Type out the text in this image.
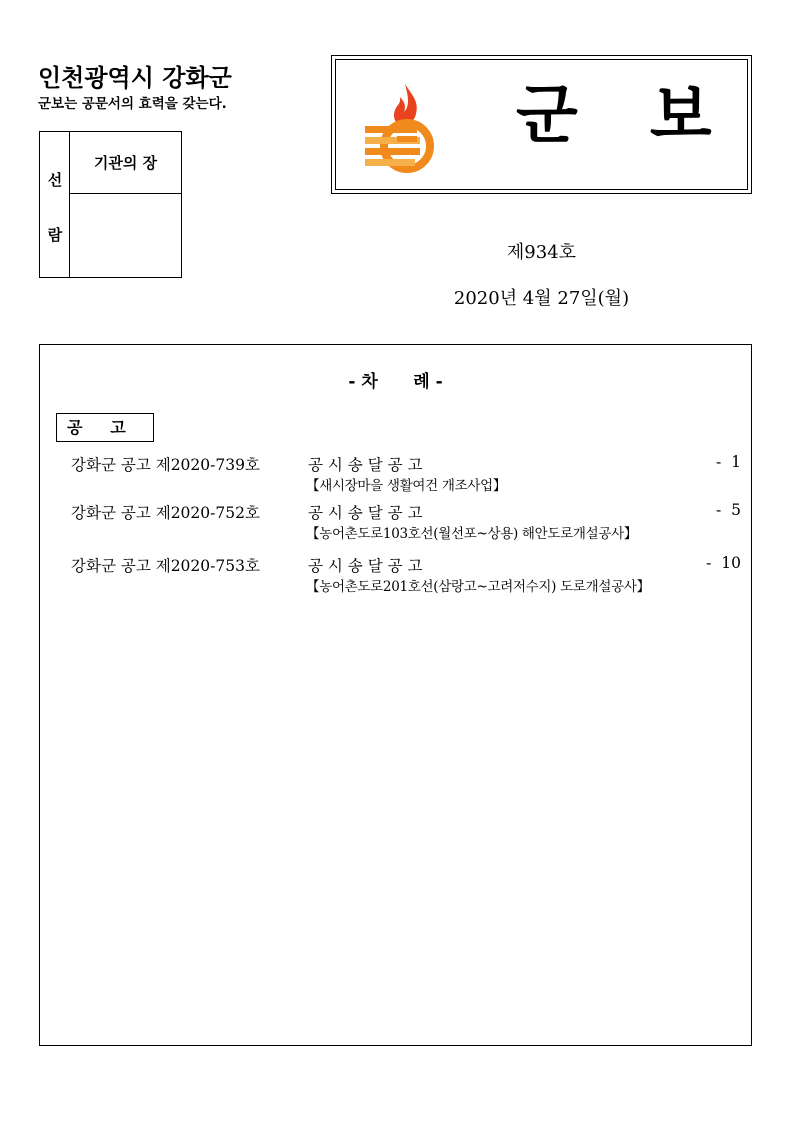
인천광역시 강화군
군보는 공문서의 효력을 갖는다.
선
람
기관의 장
군보
제934호
2020년 4월 27일(월)
- 차      례 -
공     고
강화군 공고 제2020-739호	공 시 송 달 공 고
【새시장마을 생활여건 개조사업】
-  1
강화군 공고 제2020-752호	공 시 송 달 공 고
【농어촌도로103호선(월선포~상용) 해안도로개설공사】
-  5
강화군 공고 제2020-753호	공 시 송 달 공 고
【농어촌도로201호선(삼랑고~고려저수지) 도로개설공사】
-  10
